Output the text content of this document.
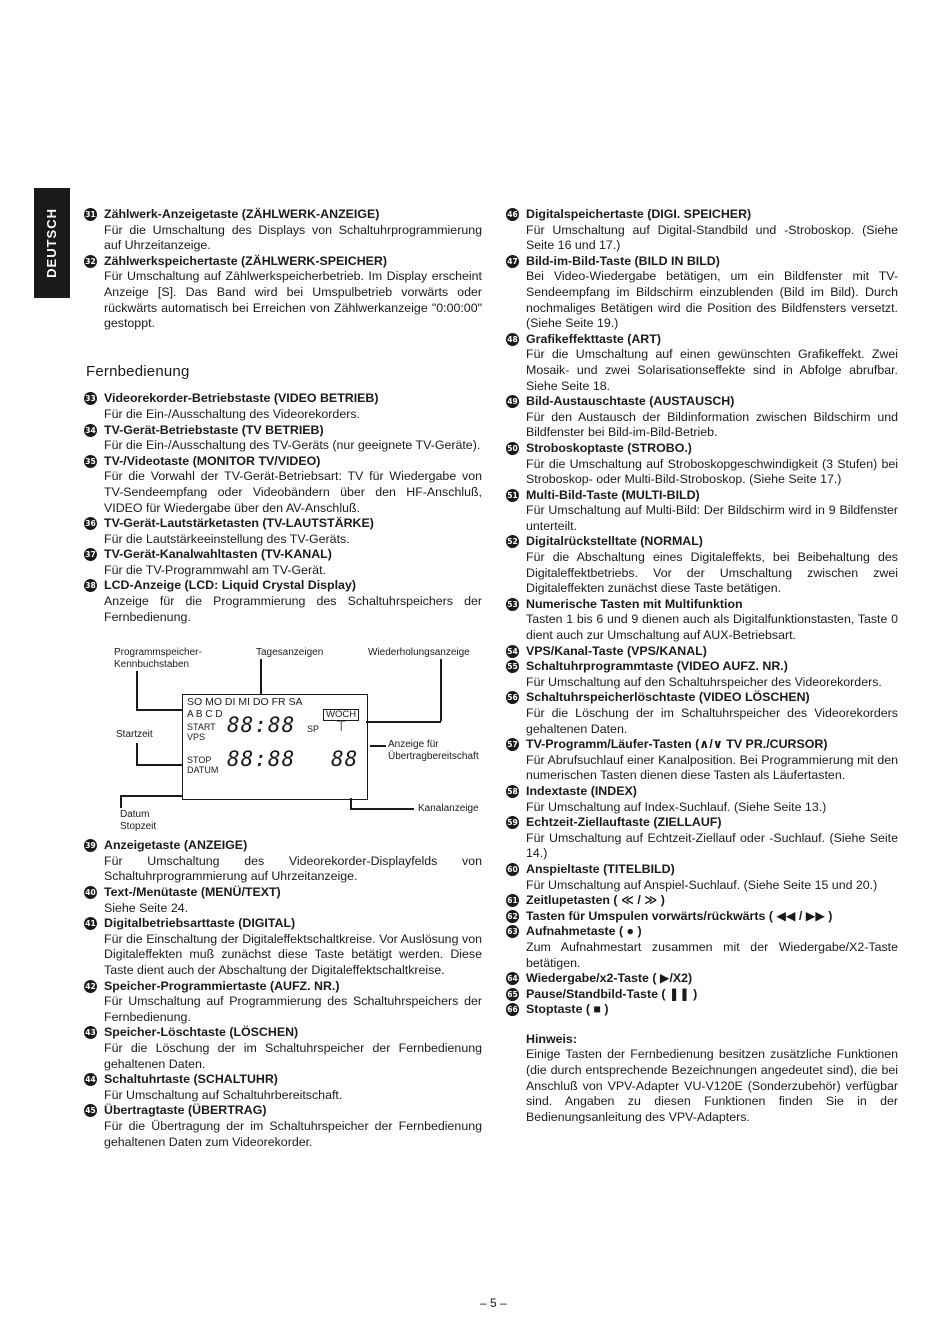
DEUTSCH	31 Zählwerk-Anzeigetaste (ZÄHLWERK-ANZEIGE)
Für die Umschaltung des Displays von Schaltuhrprogrammierung auf Uhrzeitanzeige.
32 Zählwerkspeichertaste (ZÄHLWERK-SPEICHER)
Für Umschaltung auf Zählwerkspeicherbetrieb. Im Display erscheint Anzeige [S]. Das Band wird bei Umspulbetrieb vorwärts oder rückwärts automatisch bei Erreichen von Zählwerkanzeige "0:00:00" gestoppt.
Fernbedienung
33 Videorekorder-Betriebstaste (VIDEO BETRIEB)
Für die Ein-/Ausschaltung des Videorekorders.
34 TV-Gerät-Betriebstaste (TV BETRIEB)
Für die Ein-/Ausschaltung des TV-Geräts (nur geeignete TV-Geräte).
35 TV-/Videotaste (MONITOR TV/VIDEO)
Für die Vorwahl der TV-Gerät-Betriebsart: TV für Wiedergabe von TV-Sendeempfang oder Videobändern über den HF-Anschluß, VIDEO für Wiedergabe über den AV-Anschluß.
36 TV-Gerät-Lautstärketasten (TV-LAUTSTÄRKE)
Für die Lautstärkeeinstellung des TV-Geräts.
37 TV-Gerät-Kanalwahltasten (TV-KANAL)
Für die TV-Programmwahl am TV-Gerät.
38 LCD-Anzeige (LCD: Liquid Crystal Display)
Anzeige für die Programmierung des Schaltuhrspeichers der Fernbedienung.
Programmspeicher-
Kennbuchstaben
Tagesanzeigen	Wiederholungsanzeige
Startzeit
Anzeige für
Übertragbereitschaft
Datum
Stopzeit
Kanalanzeige
SO MO DI MI DO FR SA
A B C D	WÖCH
START
VPS 88:88 SP ⍑
STOP
DATUM 88:88 88
39 Anzeigetaste (ANZEIGE)
Für Umschaltung des Videorekorder-Displayfelds von Schaltuhrprogrammierung auf Uhrzeitanzeige.
40 Text-/Menütaste (MENÜ/TEXT)
Siehe Seite 24.
41 Digitalbetriebsarttaste (DIGITAL)
Für die Einschaltung der Digitaleffektschaltkreise. Vor Auslösung von Digitaleffekten muß zunächst diese Taste betätigt werden. Diese Taste dient auch der Abschaltung der Digitaleffektschaltkreise.
42 Speicher-Programmiertaste (AUFZ. NR.)
Für Umschaltung auf Programmierung des Schaltuhrspeichers der Fernbedienung.
43 Speicher-Löschtaste (LÖSCHEN)
Für die Löschung der im Schaltuhrspeicher der Fernbedienung gehaltenen Daten.
44 Schaltuhrtaste (SCHALTUHR)
Für Umschaltung auf Schaltuhrbereitschaft.
45 Übertragtaste (ÜBERTRAG)
Für die Übertragung der im Schaltuhrspeicher der Fernbedienung gehaltenen Daten zum Videorekorder.
46 Digitalspeichertaste (DIGI. SPEICHER)
Für Umschaltung auf Digital-Standbild und -Stroboskop. (Siehe Seite 16 und 17.)
47 Bild-im-Bild-Taste (BILD IN BILD)
Bei Video-Wiedergabe betätigen, um ein Bildfenster mit TV-Sendeempfang im Bildschirm einzublenden (Bild im Bild). Durch nochmaliges Betätigen wird die Position des Bildfensters versetzt. (Siehe Seite 19.)
48 Grafikeffekttaste (ART)
Für die Umschaltung auf einen gewünschten Grafikeffekt. Zwei Mosaik- und zwei Solarisationseffekte sind in Abfolge abrufbar. Siehe Seite 18.
49 Bild-Austauschtaste (AUSTAUSCH)
Für den Austausch der Bildinformation zwischen Bildschirm und Bildfenster bei Bild-im-Bild-Betrieb.
50 Stroboskoptaste (STROBO.)
Für die Umschaltung auf Stroboskopgeschwindigkeit (3 Stufen) bei Stroboskop- oder Multi-Bild-Stroboskop. (Siehe Seite 17.)
51 Multi-Bild-Taste (MULTI-BILD)
Für Umschaltung auf Multi-Bild: Der Bildschirm wird in 9 Bildfenster unterteilt.
52 Digitalrückstelltate (NORMAL)
Für die Abschaltung eines Digitaleffekts, bei Beibehaltung des Digitaleffektbetriebs. Vor der Umschaltung zwischen zwei Digitaleffekten zunächst diese Taste betätigen.
53 Numerische Tasten mit Multifunktion
Tasten 1 bis 6 und 9 dienen auch als Digitalfunktionstasten, Taste 0 dient auch zur Umschaltung auf AUX-Betriebsart.
54 VPS/Kanal-Taste (VPS/KANAL)
55 Schaltuhrprogrammtaste (VIDEO AUFZ. NR.)
Für Umschaltung auf den Schaltuhrspeicher des Videorekorders.
56 Schaltuhrspeicherlöschtaste (VIDEO LÖSCHEN)
Für die Löschung der im Schaltuhrspeicher des Videorekorders gehaltenen Daten.
57 TV-Programm/Läufer-Tasten (∧/∨ TV PR./CURSOR)
Für Abrufsuchlauf einer Kanalposition. Bei Programmierung mit den numerischen Tasten dienen diese Tasten als Läufertasten.
58 Indextaste (INDEX)
Für Umschaltung auf Index-Suchlauf. (Siehe Seite 13.)
59 Echtzeit-Ziellauftaste (ZIELLAUF)
Für Umschaltung auf Echtzeit-Ziellauf oder -Suchlauf. (Siehe Seite 14.)
60 Anspieltaste (TITELBILD)
Für Umschaltung auf Anspiel-Suchlauf. (Siehe Seite 15 und 20.)
61 Zeitlupetasten ( ≪ / ≫ )
62 Tasten für Umspulen vorwärts/rückwärts ( ◀◀ / ▶▶ )
63 Aufnahmetaste ( ● )
Zum Aufnahmestart zusammen mit der Wiedergabe/X2-Taste betätigen.
64 Wiedergabe/x2-Taste ( ▶/X2)
65 Pause/Standbild-Taste ( ❚❚ )
66 Stoptaste ( ■ )
Hinweis:
Einige Tasten der Fernbedienung besitzen zusätzliche Funktionen (die durch entsprechende Bezeichnungen angedeutet sind), die bei Anschluß von VPV-Adapter VU-V120E (Sonderzubehör) verfügbar sind. Angaben zu diesen Funktionen finden Sie in der Bedienungsanleitung des VPV-Adapters.
– 5 –
